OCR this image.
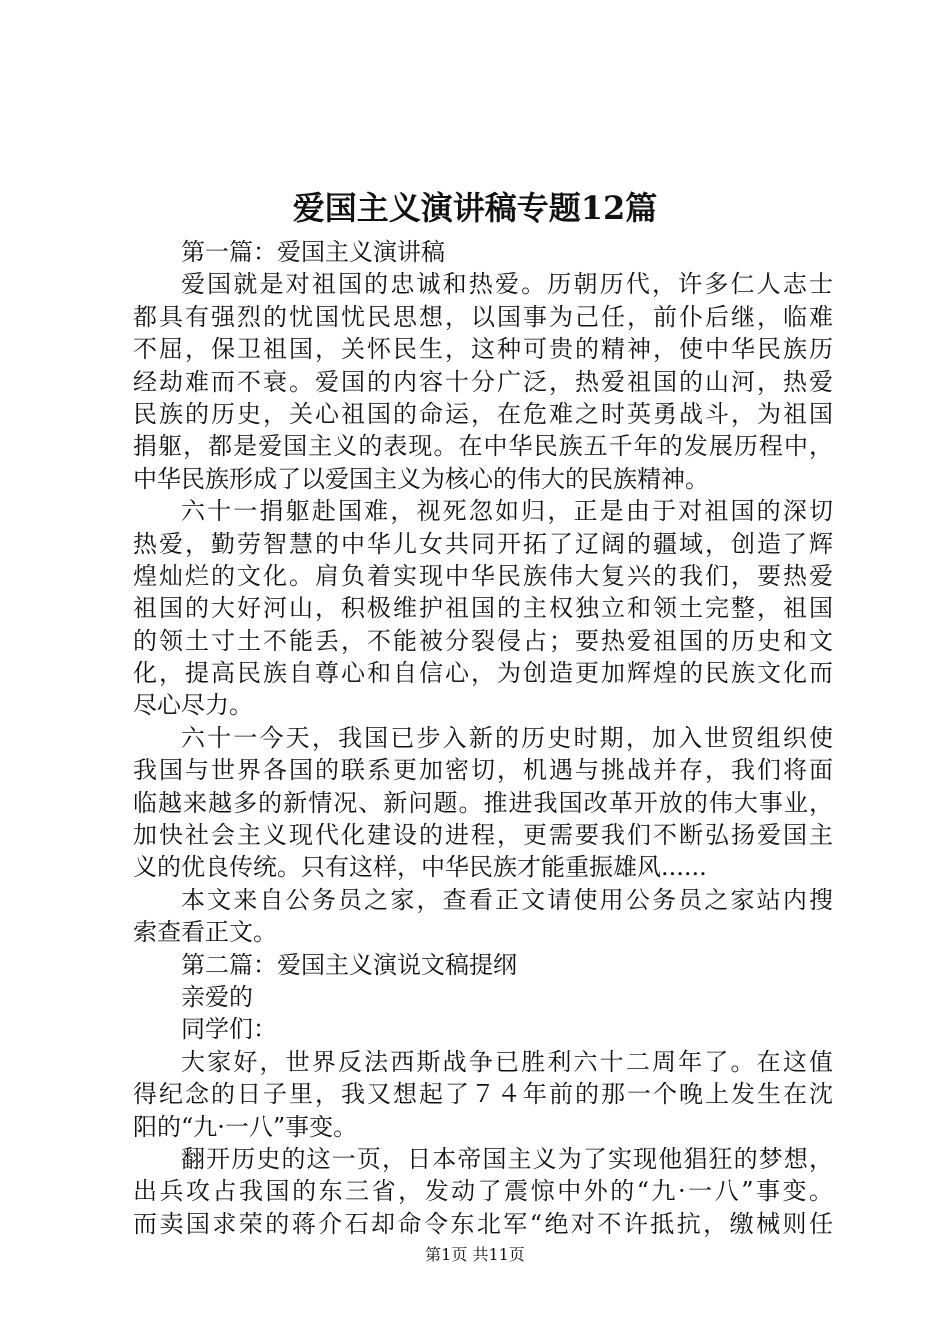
爱国主义演讲稿专题12篇
第一篇：爱国主义演讲稿
爱国就是对祖国的忠诚和热爱。历朝历代，许多仁人志士
都具有强烈的忧国忧民思想，以国事为己任，前仆后继，临难
不屈，保卫祖国，关怀民生，这种可贵的精神，使中华民族历
经劫难而不衰。爱国的内容十分广泛，热爱祖国的山河，热爱
民族的历史，关心祖国的命运，在危难之时英勇战斗，为祖国
捐躯，都是爱国主义的表现。在中华民族五千年的发展历程中，
中华民族形成了以爱国主义为核心的伟大的民族精神。
六十一捐躯赴国难，视死忽如归，正是由于对祖国的深切
热爱，勤劳智慧的中华儿女共同开拓了辽阔的疆域，创造了辉
煌灿烂的文化。肩负着实现中华民族伟大复兴的我们，要热爱
祖国的大好河山，积极维护祖国的主权独立和领土完整，祖国
的领土寸土不能丢，不能被分裂侵占；要热爱祖国的历史和文
化，提高民族自尊心和自信心，为创造更加辉煌的民族文化而
尽心尽力。
六十一今天，我国已步入新的历史时期，加入世贸组织使
我国与世界各国的联系更加密切，机遇与挑战并存，我们将面
临越来越多的新情况、新问题。推进我国改革开放的伟大事业，
加快社会主义现代化建设的进程，更需要我们不断弘扬爱国主
义的优良传统。只有这样，中华民族才能重振雄风......
本文来自公务员之家，查看正文请使用公务员之家站内搜
索查看正文。
第二篇：爱国主义演说文稿提纲
亲爱的
同学们：
大家好，世界反法西斯战争已胜利六十二周年了。在这值
得纪念的日子里，我又想起了７４年前的那一个晚上发生在沈
阳的“九·一八”事变。
翻开历史的这一页，日本帝国主义为了实现他猖狂的梦想，
出兵攻占我国的东三省，发动了震惊中外的“九·一八”事变。
而卖国求荣的蒋介石却命令东北军“绝对不许抵抗，缴械则任
第1页 共11页
